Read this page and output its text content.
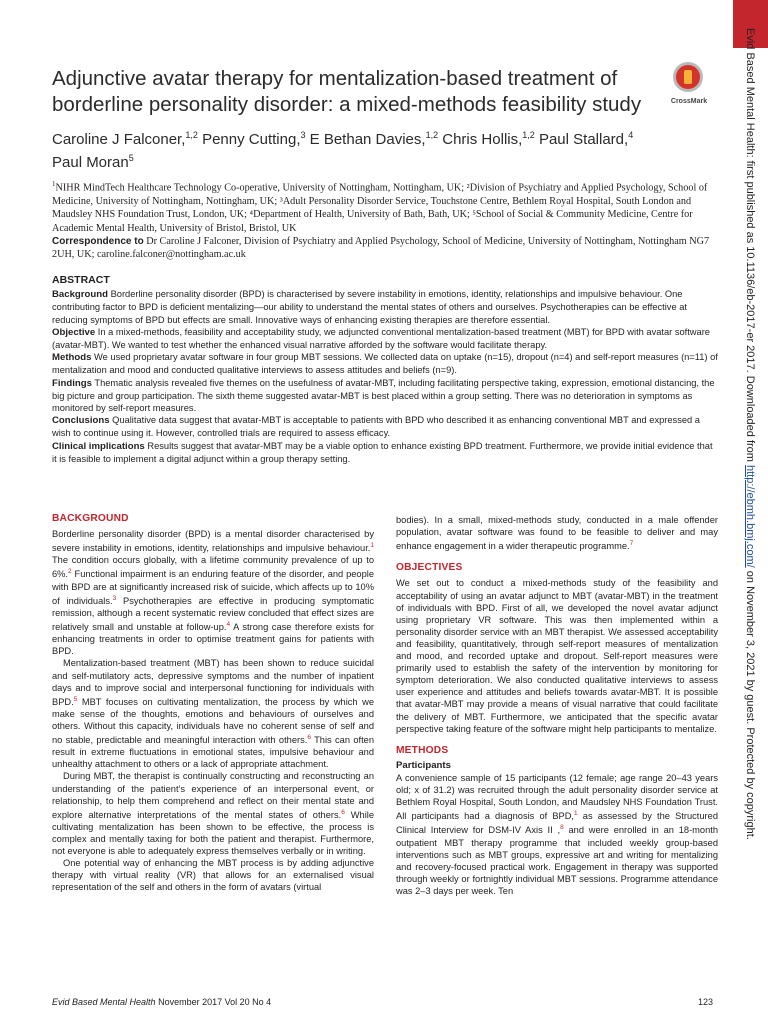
Evid Based Mental Health: first published as 10.1136/eb-2017-er 2017. Downloaded from http://ebmh.bmj.com/ on November 3, 2021 by guest. Protected by copyright.
Adjunctive avatar therapy for mentalization-based treatment of borderline personality disorder: a mixed-methods feasibility study	CrossMark
Caroline J Falconer,$^{1,2}$ Penny Cutting,$^3$ E Bethan Davies,$^{1,2}$ Chris Hollis,$^{1,2}$ Paul Stallard,$^4$
Paul Moran$^5$
$^1$NIHR MindTech Healthcare Technology Co-operative, University of Nottingham, Nottingham, UK; ²Division of Psychiatry and Applied Psychology, School of Medicine, University of Nottingham, Nottingham, UK; ³Adult Personality Disorder Service, Touchstone Centre, Bethlem Royal Hospital, South London and Maudsley NHS Foundation Trust, London, UK; ⁴Department of Health, University of Bath, Bath, UK; ⁵School of Social & Community Medicine, Centre for Academic Mental Health, University of Bristol, Bristol, UK
Correspondence to Dr Caroline J Falconer, Division of Psychiatry and Applied Psychology, School of Medicine, University of Nottingham, Nottingham NG7 2UH, UK; caroline.falconer@nottingham.ac.uk
ABSTRACT

Background Borderline personality disorder (BPD) is characterised by severe instability in emotions, identity, relationships and impulsive behaviour. One contributing factor to BPD is deficient mentalizing—our ability to understand the mental states of others and ourselves. Psychotherapies can be effective at reducing symptoms of BPD but effects are small. Innovative ways of enhancing existing therapies are therefore essential.

Objective In a mixed-methods, feasibility and acceptability study, we adjuncted conventional mentalization-based treatment (MBT) for BPD with avatar software (avatar-MBT). We wanted to test whether the enhanced visual narrative afforded by the software would facilitate therapy.

Methods We used proprietary avatar software in four group MBT sessions. We collected data on uptake (n=15), dropout (n=4) and self-report measures (n=11) of mentalization and mood and conducted qualitative interviews to assess attitudes and beliefs (n=9).

Findings Thematic analysis revealed five themes on the usefulness of avatar-MBT, including facilitating perspective taking, expression, emotional distancing, the big picture and group participation. The sixth theme suggested avatar-MBT is best placed within a group setting. There was no deterioration in symptoms as monitored by self-report measures.

Conclusions Qualitative data suggest that avatar-MBT is acceptable to patients with BPD who described it as enhancing conventional MBT and expressed a wish to continue using it. However, controlled trials are required to assess efficacy.

Clinical implications Results suggest that avatar-MBT may be a viable option to enhance existing BPD treatment. Furthermore, we provide initial evidence that it is feasible to implement a digital adjunct within a group therapy setting.

BACKGROUND

Borderline personality disorder (BPD) is a mental disorder characterised by severe instability in emotions, identity, relationships and impulsive behaviour.$^1$ The condition occurs globally, with a lifetime community prevalence of up to 6%.$^2$ Functional impairment is an enduring feature of the disorder, and people with BPD are at significantly increased risk of suicide, which affects up to 10% of individuals.$^3$ Psychotherapies are effective in producing symptomatic remission, although a recent systematic review concluded that effect sizes are relatively small and unstable at follow-up.$^4$ A strong case therefore exists for enhancing treatments in order to optimise treatment gains for patients with BPD.

Mentalization-based treatment (MBT) has been shown to reduce suicidal and self-mutilatory acts, depressive symptoms and the number of inpatient days and to improve social and interpersonal functioning for individuals with BPD.$^5$ MBT focuses on cultivating mentalization, the process by which we make sense of the thoughts, emotions and behaviours of ourselves and others. Without this capacity, individuals have no coherent sense of self and no stable, predictable and meaningful interaction with others.$^6$ This can often result in extreme fluctuations in emotional states, impulsive behaviour and unhealthy attachment to others or a lack of appropriate attachment.

During MBT, the therapist is continually constructing and reconstructing an understanding of the patient’s experience of an interpersonal event, or relationship, to help them comprehend and reflect on their mental state and explore alternative interpretations of the mental states of others.$^6$ While cultivating mentalization has been shown to be effective, the process is complex and mentally taxing for both the patient and therapist. Furthermore, not everyone is able to adequately express themselves verbally or in writing.

One potential way of enhancing the MBT process is by adding adjunctive therapy with virtual reality (VR) that allows for an externalised visual representation of the self and others in the form of avatars (virtual

bodies). In a small, mixed-methods study, conducted in a male offender population, avatar software was found to be feasible to deliver and may enhance engagement in a wider therapeutic programme.$^7$

OBJECTIVES

We set out to conduct a mixed-methods study of the feasibility and acceptability of using an avatar adjunct to MBT (avatar-MBT) in the treatment of individuals with BPD. First of all, we developed the novel avatar adjunct using proprietary VR software. This was then implemented within a personality disorder service with an MBT therapist. We assessed acceptability and feasibility, quantitatively, through self-report measures of mentalization and mood, and recorded uptake and dropout. Self-report measures were primarily used to establish the safety of the intervention by monitoring for symptom deterioration. We also conducted qualitative interviews to assess user experience and attitudes and beliefs towards avatar-MBT. It is possible that avatar-MBT may provide a means of visual narrative that could facilitate the delivery of MBT. Furthermore, we anticipated that the specific avatar perspective taking feature of the software might help participants to mentalize.

METHODS
Participants

A convenience sample of 15 participants (12 female; age range 20–43 years old; x of 31.2) was recruited through the adult personality disorder service at Bethlem Royal Hospital, South London, and Maudsley NHS Foundation Trust. All participants had a diagnosis of BPD,$^1$ as assessed by the Structured Clinical Interview for DSM-IV Axis II ,$^8$ and were enrolled in an 18-month outpatient MBT therapy programme that included weekly group-based interventions such as MBT groups, expressive art and writing for mentalizing and recovery-focused practical work. Engagement in therapy was supported through weekly or fortnightly individual MBT sessions. Programme attendance was 2–3 days per week. Ten

Evid Based Mental Health November 2017 Vol 20 No 4	123
